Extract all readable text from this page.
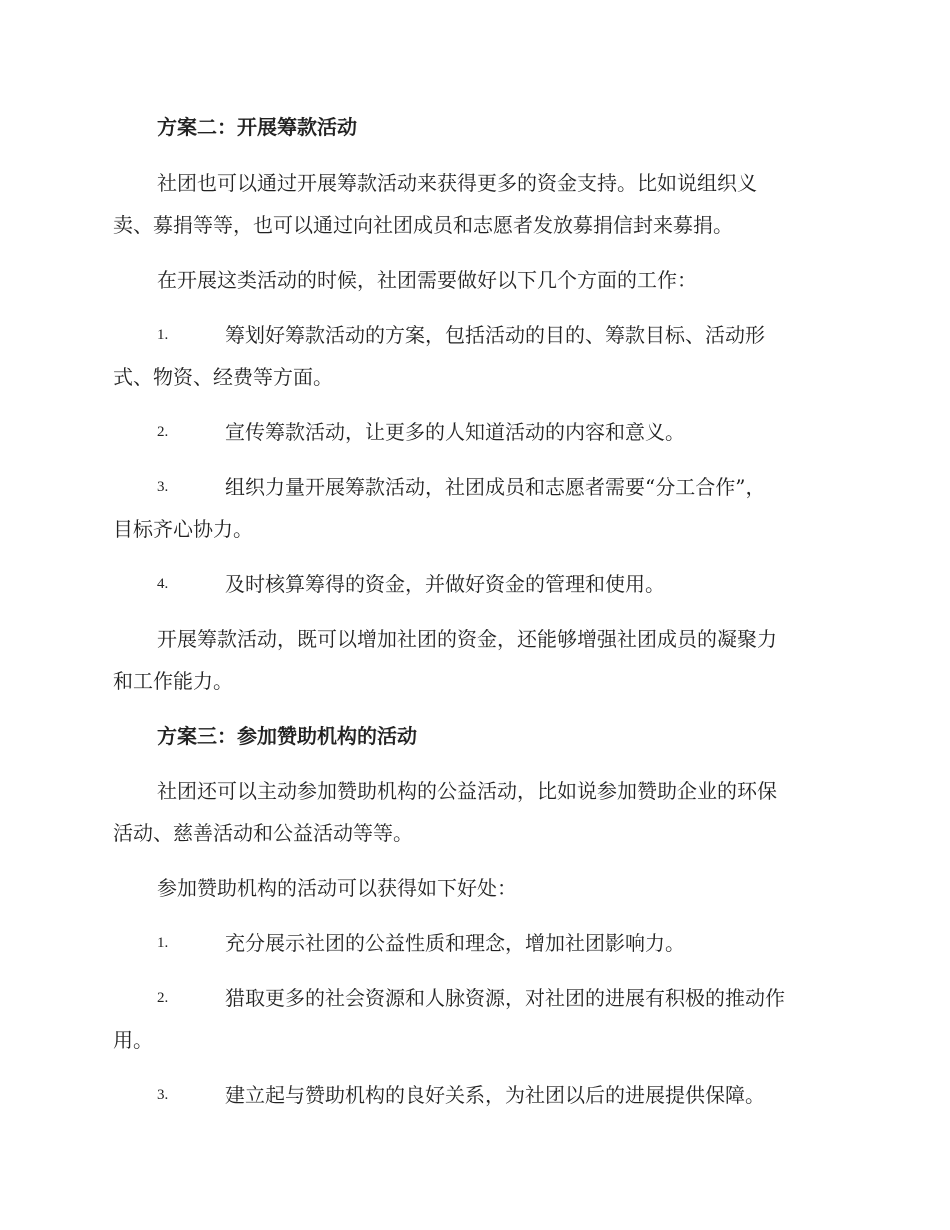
方案二：开展筹款活动
社团也可以通过开展筹款活动来获得更多的资金支持。比如说组织义
卖、募捐等等，也可以通过向社团成员和志愿者发放募捐信封来募捐。
在开展这类活动的时候，社团需要做好以下几个方面的工作：
1.	筹划好筹款活动的方案，包括活动的目的、筹款目标、活动形
式、物资、经费等方面。
2.	宣传筹款活动，让更多的人知道活动的内容和意义。
3.	组织力量开展筹款活动，社团成员和志愿者需要“分工合作”，
目标齐心协力。
4.	及时核算筹得的资金，并做好资金的管理和使用。
开展筹款活动，既可以增加社团的资金，还能够增强社团成员的凝聚力
和工作能力。
方案三：参加赞助机构的活动
社团还可以主动参加赞助机构的公益活动，比如说参加赞助企业的环保
活动、慈善活动和公益活动等等。
参加赞助机构的活动可以获得如下好处：
1.	充分展示社团的公益性质和理念，增加社团影响力。
2.	猎取更多的社会资源和人脉资源，对社团的进展有积极的推动作
用。
3.	建立起与赞助机构的良好关系，为社团以后的进展提供保障。
